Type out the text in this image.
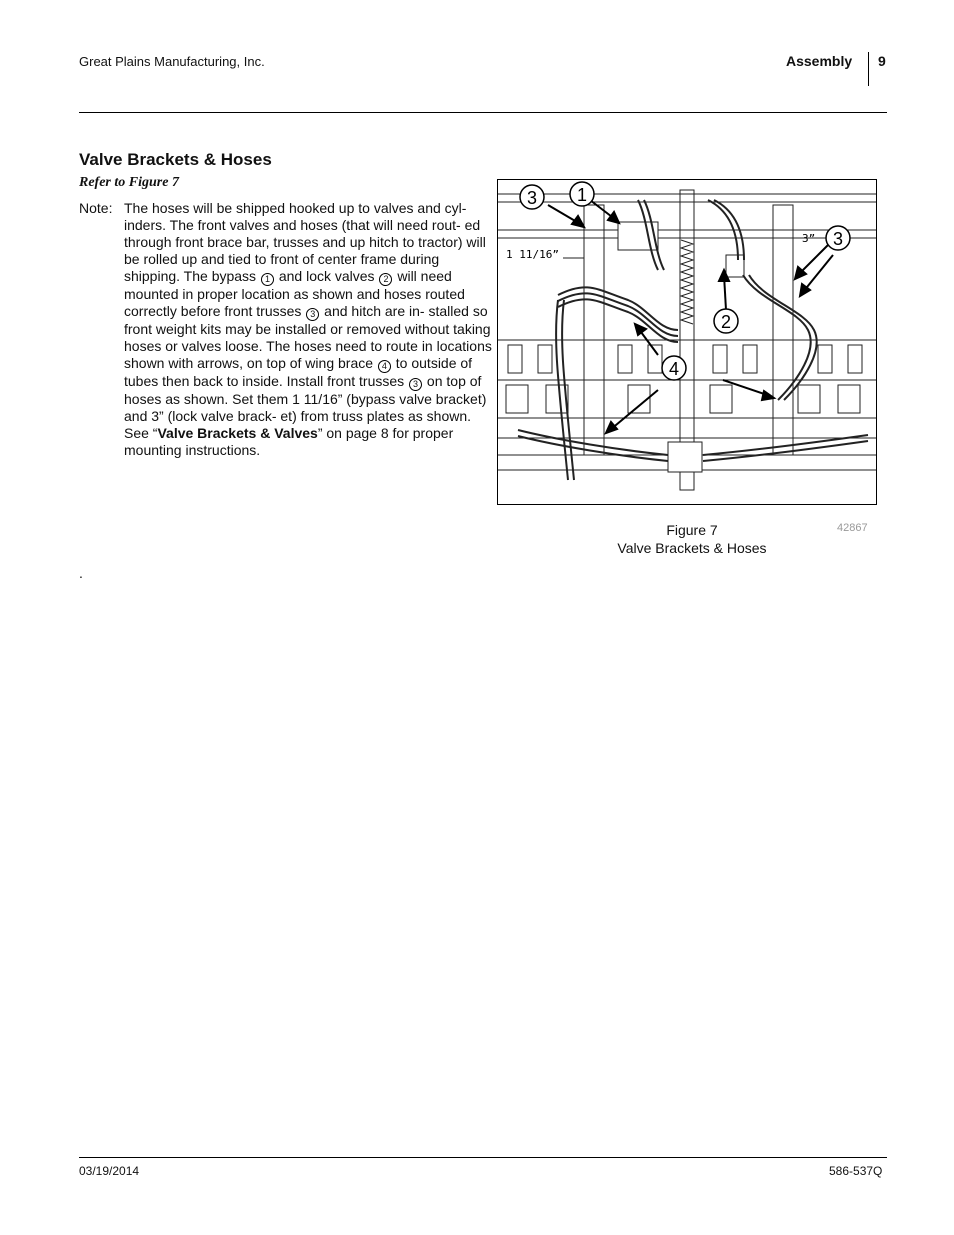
Great Plains Manufacturing, Inc.	Assembly 9
Valve Brackets & Hoses
Refer to Figure 7
Note: The hoses will be shipped hooked up to valves and cyl- inders. The front valves and hoses (that will need rout- ed through front brace bar, trusses and up hitch to tractor) will be rolled up and tied to front of center frame during shipping. The bypass 1 and lock valves 2 will need mounted in proper location as shown and hoses routed correctly before front trusses 3 and hitch are in- stalled so front weight kits may be installed or removed without taking hoses or valves loose. The hoses need to route in locations shown with arrows, on top of wing brace 4 to outside of tubes then back to inside. Install front trusses 3 on top of hoses as shown. Set them 1 11/16” (bypass valve bracket) and 3” (lock valve brack- et) from truss plates as shown. See “Valve Brackets & Valves” on page 8 for proper mounting instructions.

3 1
3
2
4
1 11/16”
3”
Figure 7
Valve Brackets & Hoses
42867
.
03/19/2014	586-537Q
